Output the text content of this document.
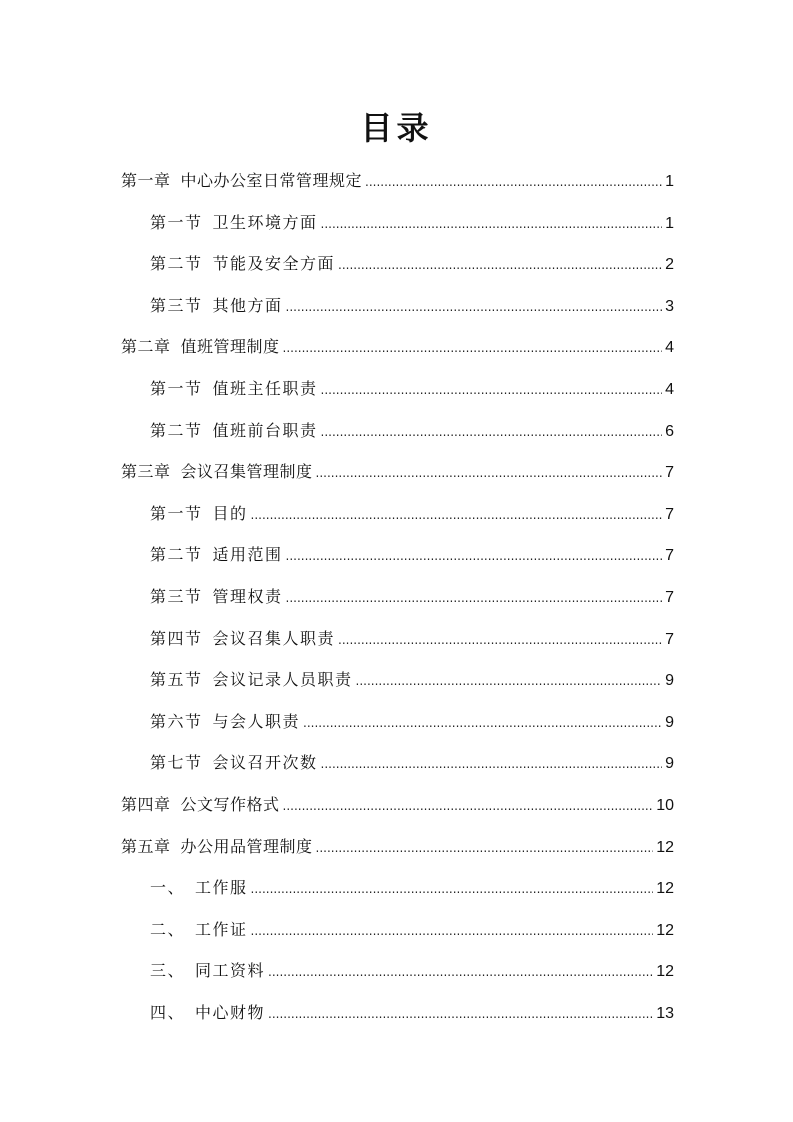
目录
第一章 中心办公室日常管理规定 .....	1
第一节 卫生环境方面 .....	1
第二节 节能及安全方面 .....	2
第三节 其他方面 .....	3
第二章 值班管理制度 .....	4
第一节 值班主任职责 .....	4
第二节 值班前台职责 .....	6
第三章 会议召集管理制度 .....	7
第一节 目的 .....	7
第二节 适用范围 .....	7
第三节 管理权责 .....	7
第四节 会议召集人职责 .....	7
第五节 会议记录人员职责 .....	9
第六节 与会人职责 .....	9
第七节 会议召开次数 .....	9
第四章 公文写作格式 .....	10
第五章 办公用品管理制度 .....	12
一、 工作服 .....	12
二、 工作证 .....	12
三、 同工资料 .....	12
四、 中心财物 .....	13
